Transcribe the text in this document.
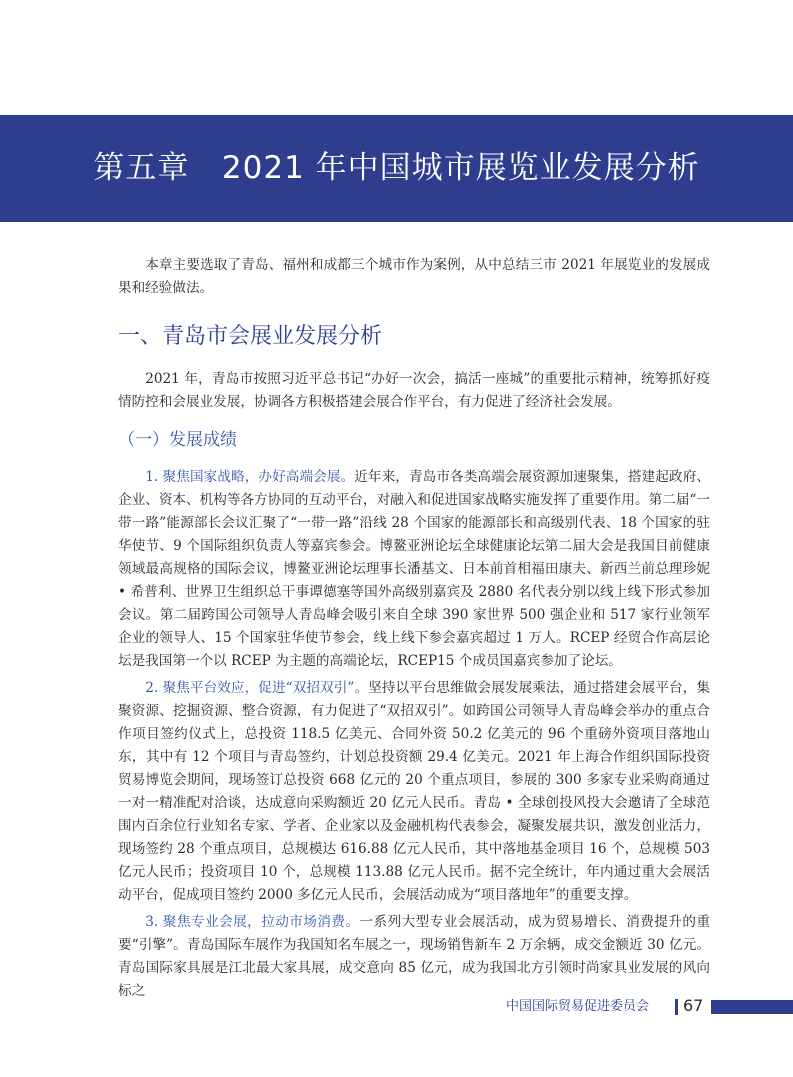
第五章   2021 年中国城市展览业发展分析

本章主要选取了青岛、福州和成都三个城市作为案例，从中总结三市 2021 年展览业的发展成果和经验做法。

一、青岛市会展业发展分析

2021 年，青岛市按照习近平总书记“办好一次会，搞活一座城”的重要批示精神，统筹抓好疫情防控和会展业发展，协调各方积极搭建会展合作平台，有力促进了经济社会发展。

（一）发展成绩

1. 聚焦国家战略，办好高端会展。近年来，青岛市各类高端会展资源加速聚集，搭建起政府、企业、资本、机构等各方协同的互动平台，对融入和促进国家战略实施发挥了重要作用。第二届“一带一路”能源部长会议汇聚了“一带一路”沿线 28 个国家的能源部长和高级别代表、18 个国家的驻华使节、9 个国际组织负责人等嘉宾参会。博鳌亚洲论坛全球健康论坛第二届大会是我国目前健康领域最高规格的国际会议，博鳌亚洲论坛理事长潘基文、日本前首相福田康夫、新西兰前总理珍妮 • 希普利、世界卫生组织总干事谭德塞等国外高级别嘉宾及 2880 名代表分别以线上线下形式参加会议。第二届跨国公司领导人青岛峰会吸引来自全球 390 家世界 500 强企业和 517 家行业领军企业的领导人、15 个国家驻华使节参会，线上线下参会嘉宾超过 1 万人。RCEP 经贸合作高层论坛是我国第一个以 RCEP 为主题的高端论坛，RCEP15 个成员国嘉宾参加了论坛。

2. 聚焦平台效应，促进“双招双引”。坚持以平台思维做会展发展乘法，通过搭建会展平台，集聚资源、挖掘资源、整合资源，有力促进了“双招双引”。如跨国公司领导人青岛峰会举办的重点合作项目签约仪式上，总投资 118.5 亿美元、合同外资 50.2 亿美元的 96 个重磅外资项目落地山东，其中有 12 个项目与青岛签约，计划总投资额 29.4 亿美元。2021 年上海合作组织国际投资贸易博览会期间，现场签订总投资 668 亿元的 20 个重点项目，参展的 300 多家专业采购商通过一对一精准配对洽谈，达成意向采购额近 20 亿元人民币。青岛 • 全球创投风投大会邀请了全球范围内百余位行业知名专家、学者、企业家以及金融机构代表参会，凝聚发展共识，激发创业活力，现场签约 28 个重点项目，总规模达 616.88 亿元人民币，其中落地基金项目 16 个，总规模 503 亿元人民币；投资项目 10 个，总规模 113.88 亿元人民币。据不完全统计，年内通过重大会展活动平台，促成项目签约 2000 多亿元人民币，会展活动成为“项目落地年”的重要支撑。

3. 聚焦专业会展，拉动市场消费。一系列大型专业会展活动，成为贸易增长、消费提升的重要“引擎”。青岛国际车展作为我国知名车展之一，现场销售新车 2 万余辆，成交金额近 30 亿元。青岛国际家具展是江北最大家具展，成交意向 85 亿元，成为我国北方引领时尚家具业发展的风向标之

中国国际贸易促进委员会 67
